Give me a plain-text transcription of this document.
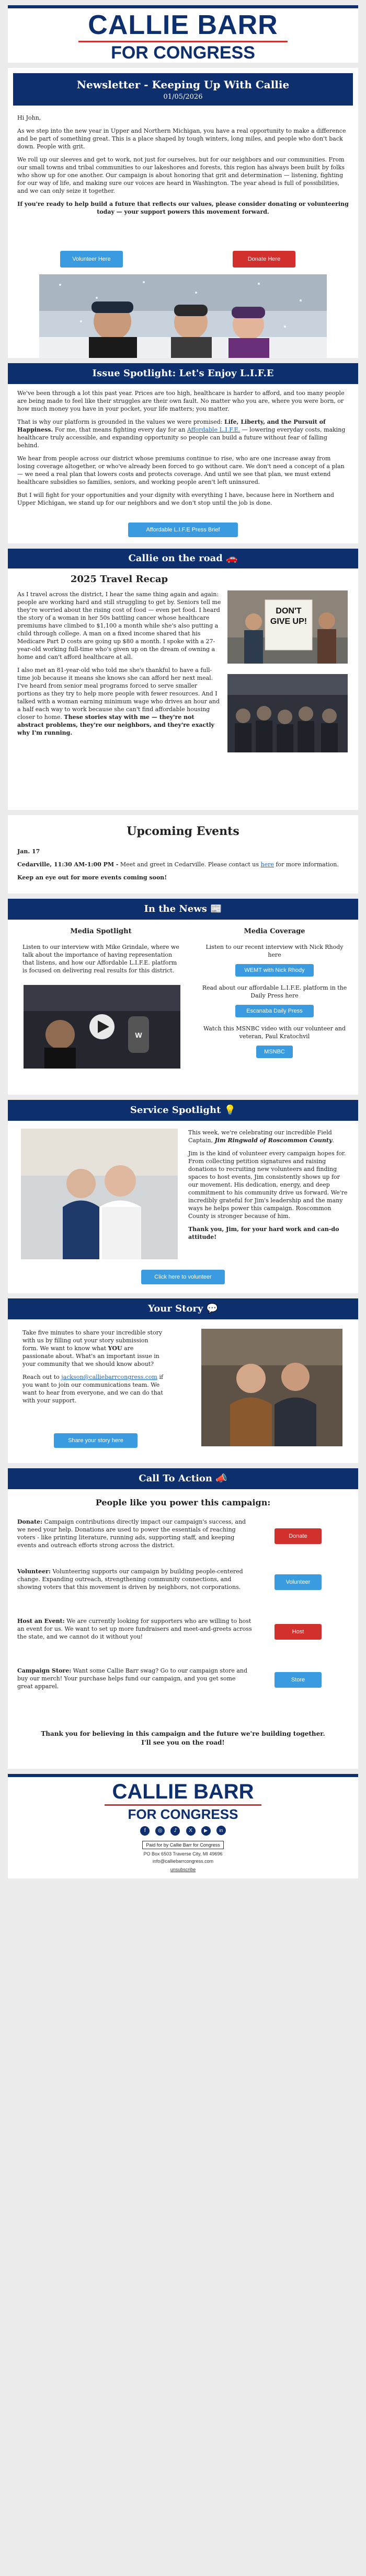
CALLIE BARR
FOR CONGRESS
Newsletter - Keeping Up With Callie
01/05/2026

Hi John,

As we step into the new year in Upper and Northern Michigan, you have a real opportunity to make a difference and be part of something great. This is a place shaped by tough winters, long miles, and people who don't back down. People with grit.

We roll up our sleeves and get to work, not just for ourselves, but for our neighbors and our communities. From our small towns and tribal communities to our lakeshores and forests, this region has always been built by folks who show up for one another. Our campaign is about honoring that grit and determination — listening, fighting for our way of life, and making sure our voices are heard in Washington. The year ahead is full of possibilities, and we can only seize it together.

If you're ready to help build a future that reflects our values, please consider donating or volunteering today — your support powers this movement forward.

Volunteer Here	Donate Here
Issue Spotlight: Let's Enjoy L.I.F.E

We've been through a lot this past year. Prices are too high, healthcare is harder to afford, and too many people are being made to feel like their struggles are their own fault. No matter who you are, where you were born, or how much money you have in your pocket, your life matters; you matter.

That is why our platform is grounded in the values we were promised: Life, Liberty, and the Pursuit of Happiness. For me, that means fighting every day for an Affordable L.I.F.E. — lowering everyday costs, making healthcare truly accessible, and expanding opportunity so people can build a future without fear of falling behind.

We hear from people across our district whose premiums continue to rise, who are one increase away from losing coverage altogether, or who've already been forced to go without care. We don't need a concept of a plan — we need a real plan that lowers costs and protects coverage. And until we see that plan, we must extend healthcare subsidies so families, seniors, and working people aren't left uninsured.

But I will fight for your opportunities and your dignity with everything I have, because here in Northern and Upper Michigan, we stand up for our neighbors and we don't stop until the job is done.

Affordable L.I.F.E Press Brief
Callie on the road 🚗
2025 Travel Recap

As I travel across the district, I hear the same thing again and again: people are working hard and still struggling to get by. Seniors tell me they're worried about the rising cost of food — even pet food. I heard the story of a woman in her 50s battling cancer whose healthcare premiums have climbed to $1,100 a month while she's also putting a child through college. A man on a fixed income shared that his Medicare Part D costs are going up $80 a month. I spoke with a 27-year-old working full-time who's given up on the dream of owning a home and can't afford healthcare at all.

I also met an 81-year-old who told me she's thankful to have a full-time job because it means she knows she can afford her next meal. I've heard from senior meal programs forced to serve smaller portions as they try to help more people with fewer resources. And I talked with a woman earning minimum wage who drives an hour and a half each way to work because she can't find affordable housing closer to home. These stories stay with me — they're not abstract problems, they're our neighbors, and they're exactly why I'm running.

DON'T GIVE UP!
Upcoming Events

Jan. 17

Cedarville, 11:30 AM-1:00 PM - Meet and greet in Cedarville. Please contact us here for more information.

Keep an eye out for more events coming soon!

In the News 📰
Media Spotlight

Listen to our interview with Mike Grindale, where we talk about the importance of having representation that listens, and how our Affordable L.I.F.E. platform is focused on delivering real results for this district.

W
Media Coverage

Listen to our recent interview with Nick Rhody here

WEMT with Nick Rhody

Read about our affordable L.I.F.E. platform in the Daily Press here

Escanaba Daily Press

Watch this MSNBC video with our volunteer and veteran, Paul Kratochvil

MSNBC
Service Spotlight 💡

This week, we're celebrating our incredible Field Captain, Jim Ringwald of Roscommon County.

Jim is the kind of volunteer every campaign hopes for. From collecting petition signatures and raising donations to recruiting new volunteers and finding spaces to host events, Jim consistently shows up for our movement. His dedication, energy, and deep commitment to his community drive us forward. We're incredibly grateful for Jim's leadership and the many ways he helps power this campaign. Roscommon County is stronger because of him.

Thank you, Jim, for your hard work and can-do attitude!

Click here to volunteer
Your Story 💬

Take five minutes to share your incredible story with us by filling out your story submission form. We want to know what YOU are passionate about. What's an important issue in your community that we should know about?

Reach out to jackson@calliebarrcongress.com if you want to join our communications team. We want to hear from everyone, and we can do that with your support.

Share your story here
Call To Action 📣
People like you power this campaign:

Donate: Campaign contributions directly impact our campaign's success, and we need your help. Donations are used to power the essentials of reaching voters - like printing literature, running ads, supporting staff, and keeping events and outreach efforts strong across the district.

Donate

Volunteer: Volunteering supports our campaign by building people-centered change. Expanding outreach, strengthening community connections, and showing voters that this movement is driven by neighbors, not corporations.

Volunteer

Host an Event: We are currently looking for supporters who are willing to host an event for us. We want to set up more fundraisers and meet-and-greets across the state, and we cannot do it without you!

Host

Campaign Store: Want some Callie Barr swag? Go to our campaign store and buy our merch! Your purchase helps fund our campaign, and you get some great apparel.

Store
Thank you for believing in this campaign and the future we're building together. I'll see you on the road!
CALLIE BARR
FOR CONGRESS
f ◎ ♪ X ▶ in
Paid for by Callie Barr for Congress
PO Box 6503 Traverse City, MI 49696
info@calliebarrcongress.com
unsubscribe
